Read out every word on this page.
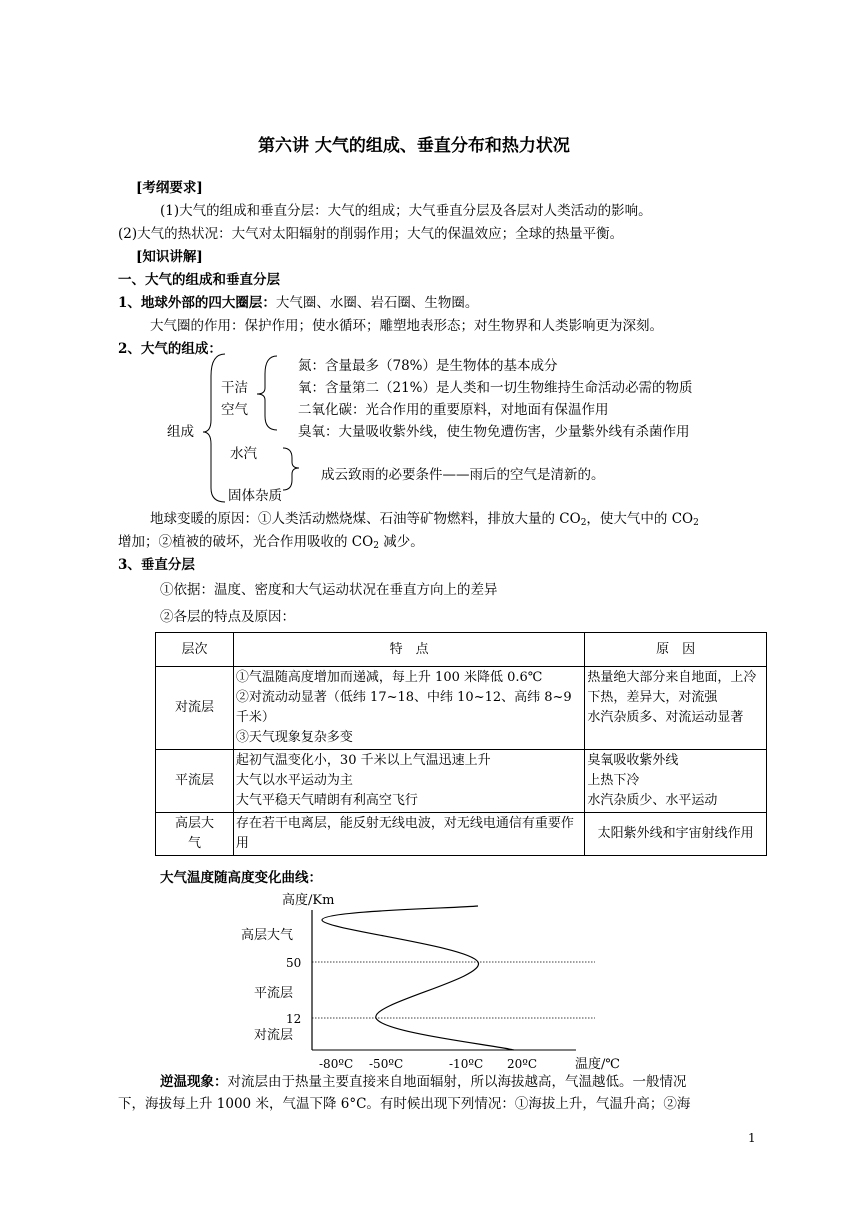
第六讲 大气的组成、垂直分布和热力状况
[考纲要求]
(1)大气的组成和垂直分层：大气的组成；大气垂直分层及各层对人类活动的影响。
(2)大气的热状况：大气对太阳辐射的削弱作用；大气的保温效应；全球的热量平衡。
[知识讲解]
一、大气的组成和垂直分层
1、地球外部的四大圈层：大气圈、水圈、岩石圈、生物圈。
大气圈的作用：保护作用；使水循环；雕塑地表形态；对生物界和人类影响更为深刻。
2、大气的组成：
组成
干洁
空气
氮：含量最多（78%）是生物体的基本成分
氧：含量第二（21%）是人类和一切生物维持生命活动必需的物质
二氧化碳：光合作用的重要原料，对地面有保温作用
臭氧：大量吸收紫外线，使生物免遭伤害，少量紫外线有杀菌作用
水汽
固体杂质
成云致雨的必要条件——雨后的空气是清新的。
地球变暖的原因：①人类活动燃烧煤、石油等矿物燃料，排放大量的 $CO_2$，使大气中的 $CO_2$
增加；②植被的破坏，光合作用吸收的 $CO_2$ 减少。
3、垂直分层
①依据：温度、密度和大气运动状况在垂直方向上的差异
②各层的特点及原因：
层次	特　点	原　因
对流层	①气温随高度增加而递减，每上升 100 米降低 0.6℃
②对流动动显著（低纬 17~18、中纬 10~12、高纬 8~9 千米）
③天气现象复杂多变	热量绝大部分来自地面，上冷下热，差异大，对流强
水汽杂质多、对流运动显著

平流层	起初气温变化小，30 千米以上气温迅速上升
大气以水平运动为主
大气平稳天气晴朗有利高空飞行	臭氧吸收紫外线
上热下冷
水汽杂质少、水平运动

高层大气	存在若干电离层，能反射无线电波，对无线电通信有重要作用	太阳紫外线和宇宙射线作用
大气温度随高度变化曲线：
高度/Km
50
12
高层大气
平流层
对流层
-80ºC -50ºC	-10ºC 20ºC	温度/℃
逆温现象：对流层由于热量主要直接来自地面辐射，所以海拔越高，气温越低。一般情况
下，海拔每上升 1000 米，气温下降 6°C。有时候出现下列情况：①海拔上升，气温升高；②海
1
